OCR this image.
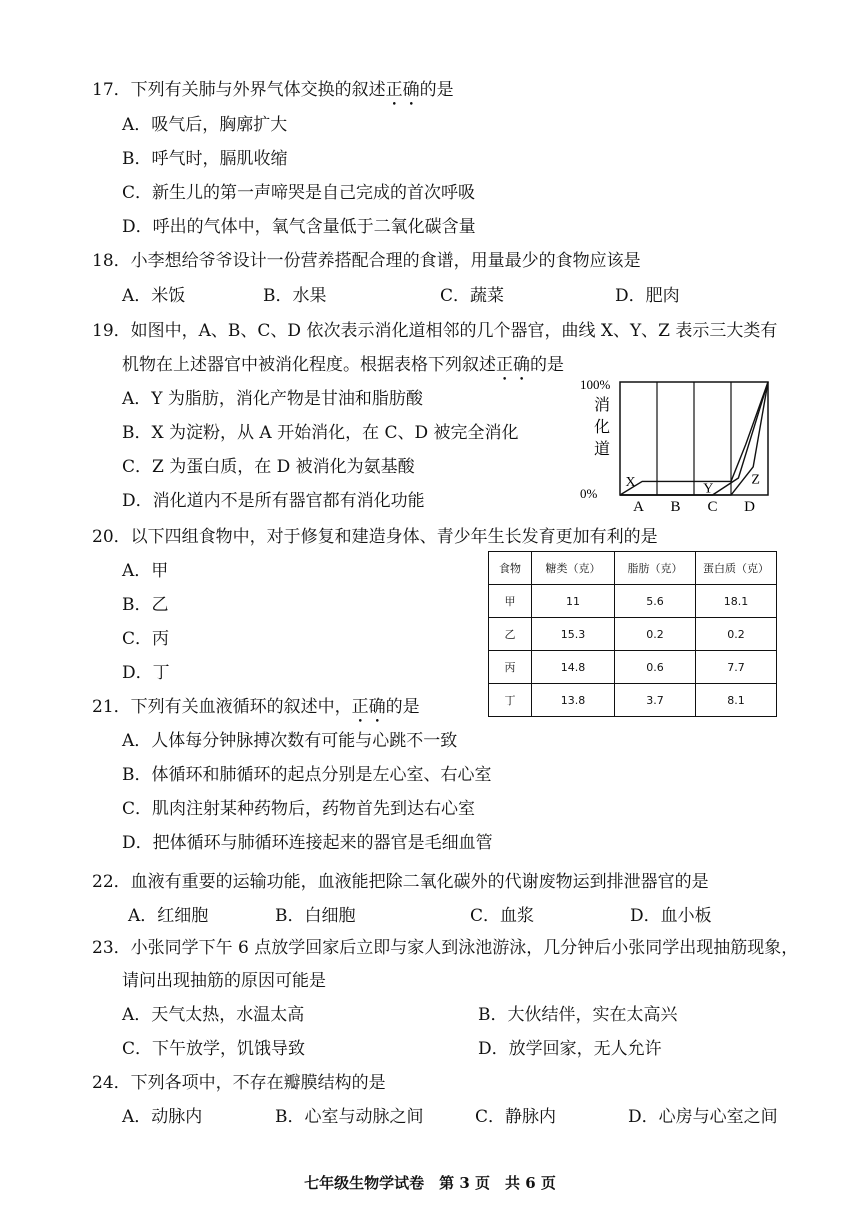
17．下列有关肺与外界气体交换的叙述正确的是
A．吸气后，胸廓扩大
B．呼气时，膈肌收缩
C．新生儿的第一声啼哭是自己完成的首次呼吸
D．呼出的气体中，氧气含量低于二氧化碳含量
18．小李想给爷爷设计一份营养搭配合理的食谱，用量最少的食物应该是
A．米饭	B．水果	C．蔬菜	D．肥肉
19．如图中，A、B、C、D 依次表示消化道相邻的几个器官，曲线 X、Y、Z 表示三大类有
机物在上述器官中被消化程度。根据表格下列叙述正确的是
A．Y 为脂肪，消化产物是甘油和脂肪酸
B．X 为淀粉，从 A 开始消化，在 C、D 被完全消化
C．Z 为蛋白质，在 D 被消化为氨基酸
D．消化道内不是所有器官都有消化功能
100%
0%
消
化
道
X	Y
Z
A B C D
20．以下四组食物中，对于修复和建造身体、青少年生长发育更加有利的是
A．甲
B．乙
C．丙
D．丁
食物	糖类（克）	脂肪（克）	蛋白质（克）
甲	11	5.6	18.1
乙	15.3	0.2	0.2
丙	14.8	0.6	7.7
丁	13.8	3.7	8.1
21．下列有关血液循环的叙述中，正确的是
A．人体每分钟脉搏次数有可能与心跳不一致
B．体循环和肺循环的起点分别是左心室、右心室
C．肌肉注射某种药物后，药物首先到达右心室
D．把体循环与肺循环连接起来的器官是毛细血管
22．血液有重要的运输功能，血液能把除二氧化碳外的代谢废物运到排泄器官的是
A．红细胞	B．白细胞	C．血浆	D．血小板
23．小张同学下午 6 点放学回家后立即与家人到泳池游泳，几分钟后小张同学出现抽筋现象，
请问出现抽筋的原因可能是
A．天气太热，水温太高	B．大伙结伴，实在太高兴
C．下午放学，饥饿导致	D．放学回家，无人允许
24．下列各项中，不存在瓣膜结构的是
A．动脉内	B．心室与动脉之间	C．静脉内	D．心房与心室之间
七年级生物学试卷　第 3 页　共 6 页
